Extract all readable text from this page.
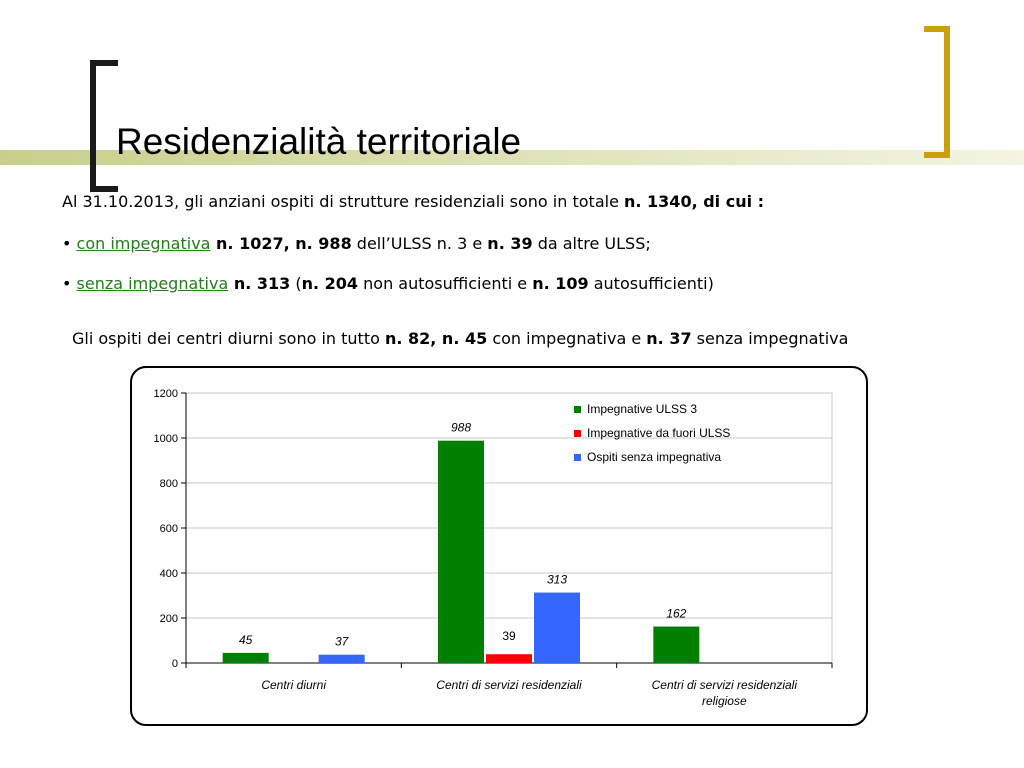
Residenzialità territoriale
Al 31.10.2013, gli anziani ospiti di strutture residenziali sono in totale n. 1340, di cui :
• con impegnativa n. 1027, n. 988 dell’ULSS n. 3 e n. 39 da altre ULSS;
• senza impegnativa n. 313 (n. 204 non autosufficienti e n. 109 autosufficienti)
Gli ospiti dei centri diurni sono in tutto n. 82, n. 45 con impegnativa e n. 37 senza impegnativa
0
200
400
600
800
1000
1200
45	37
Centri diurni
988
39
313
Centri di servizi residenziali
162
Centri di servizi residenziali religiose
Impegnative ULSS 3
Impegnative da fuori ULSS
Ospiti senza impegnativa
